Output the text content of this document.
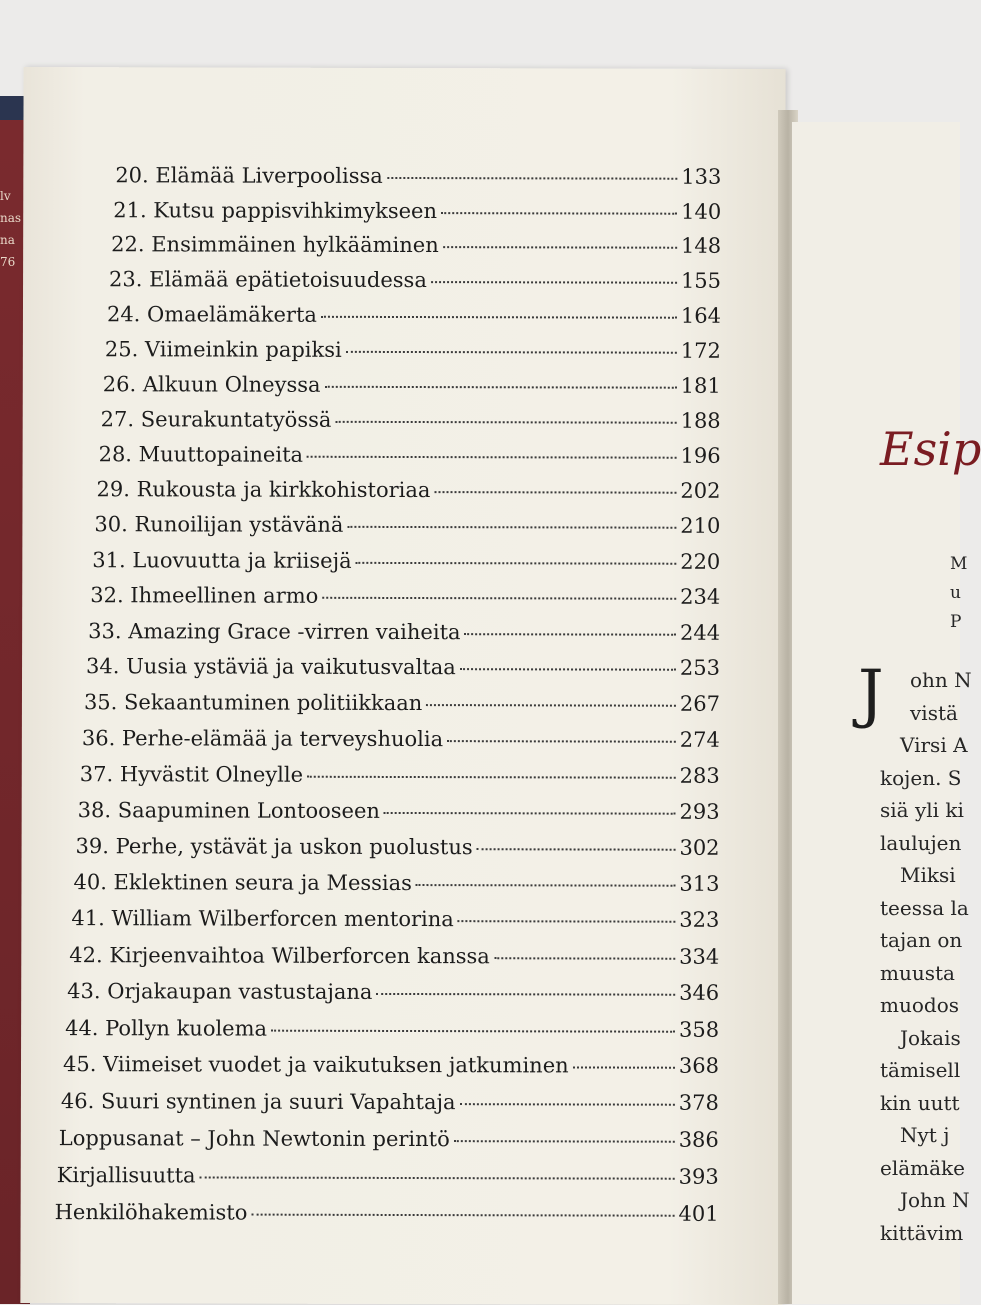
lv
nas
na
76
20. Elämää Liverpoolissa	133
21. Kutsu pappisvihkimykseen	140
22. Ensimmäinen hylkääminen	148
23. Elämää epätietoisuudessa	155
24. Omaelämäkerta	164
25. Viimeinkin papiksi	172
26. Alkuun Olneyssa	181
27. Seurakuntatyössä	188
28. Muuttopaineita	196
29. Rukousta ja kirkkohistoriaa	202
30. Runoilijan ystävänä	210
31. Luovuutta ja kriisejä	220
32. Ihmeellinen armo	234
33. Amazing Grace -virren vaiheita	244
34. Uusia ystäviä ja vaikutusvaltaa	253
35. Sekaantuminen politiikkaan	267
36. Perhe-elämää ja terveyshuolia	274
37. Hyvästit Olneylle	283
38. Saapuminen Lontooseen	293
39. Perhe, ystävät ja uskon puolustus	302
40. Eklektinen seura ja Messias	313
41. William Wilberforcen mentorina	323
42. Kirjeenvaihtoa Wilberforcen kanssa	334
43. Orjakaupan vastustajana	346
44. Pollyn kuolema	358
45. Viimeiset vuodet ja vaikutuksen jatkuminen	368
46. Suuri syntinen ja suuri Vapahtaja	378
Loppusanat – John Newtonin perintö	386
Kirjallisuutta	393
Henkilöhakemisto	401
Esip
M
u
P
J ohn N
vistä
Virsi A
kojen. S
siä yli ki
laulujen
Miksi
teessa la
tajan on
muusta
muodos
Jokais
tämisell
kin uutt
Nyt j
elämäke
John N
kittävim
